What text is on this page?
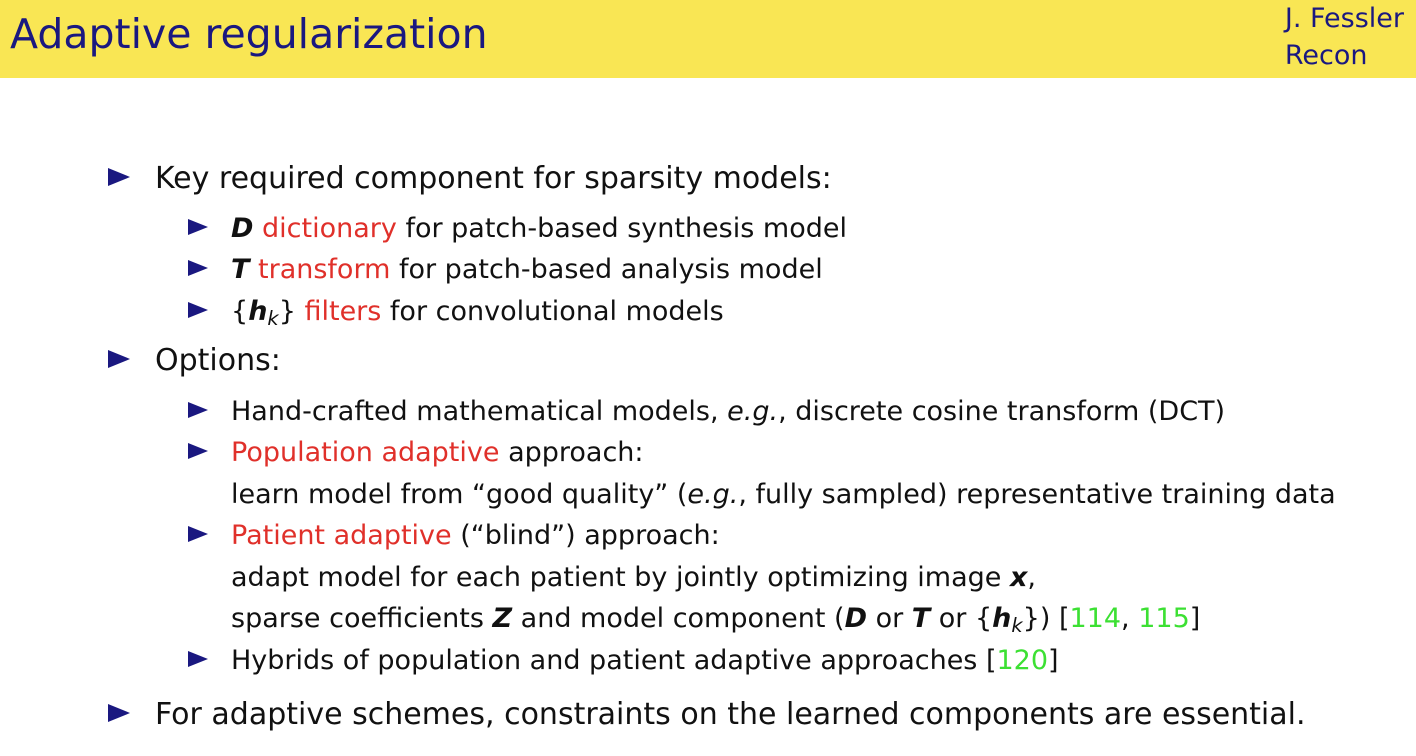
Adaptive regularization	J. Fessler
Recon
Key required component for sparsity models:
D dictionary for patch-based synthesis model
T transform for patch-based analysis model
$\{h_k\}$ filters for convolutional models
Options:
Hand-crafted mathematical models, e.g., discrete cosine transform (DCT)
Population adaptive approach:
learn model from “good quality” (e.g., fully sampled) representative training data
Patient adaptive (“blind”) approach:
adapt model for each patient by jointly optimizing image x,
sparse coefficients Z and model component (D or T or $\{h_k\}$) [114, 115]
Hybrids of population and patient adaptive approaches [120]
For adaptive schemes, constraints on the learned components are essential.
